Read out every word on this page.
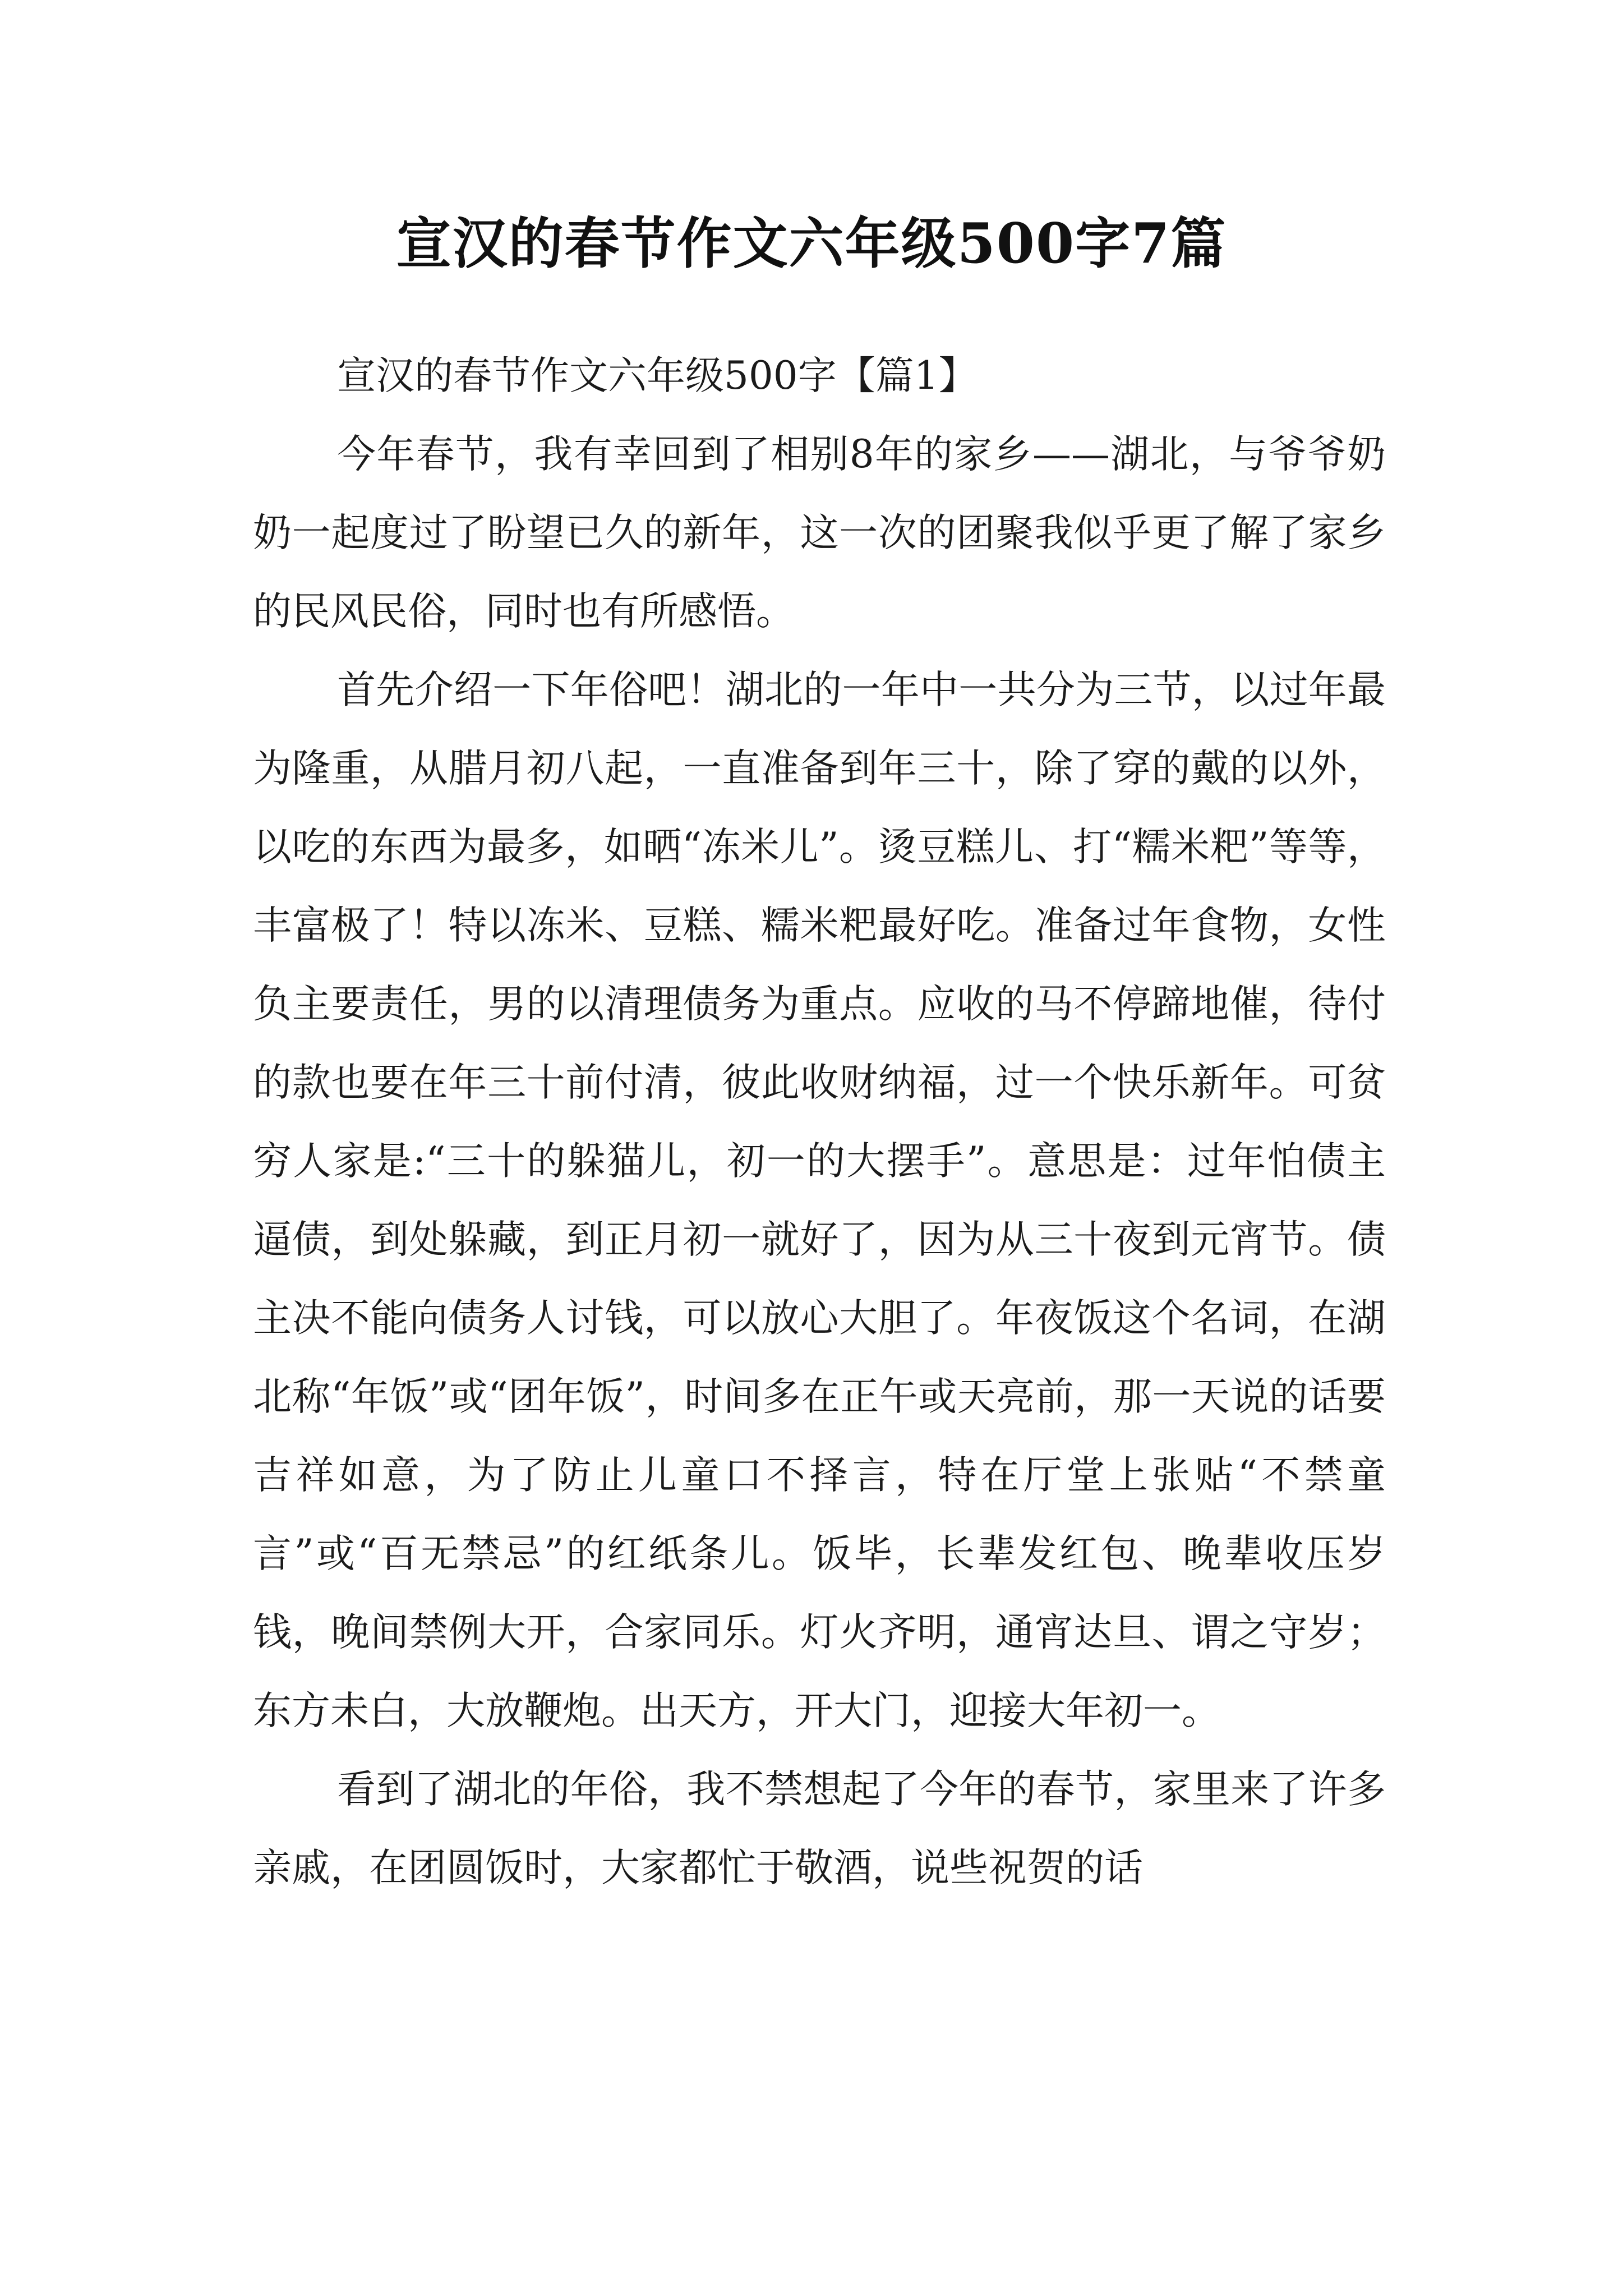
宣汉的春节作文六年级500字7篇

宣汉的春节作文六年级500字【篇1】

今年春节，我有幸回到了相别8年的家乡——湖北，与爷爷奶奶一起度过了盼望已久的新年，这一次的团聚我似乎更了解了家乡的民风民俗，同时也有所感悟。

首先介绍一下年俗吧！湖北的一年中一共分为三节，以过年最为隆重，从腊月初八起，一直准备到年三十，除了穿的戴的以外，以吃的东西为最多，如晒“冻米儿”。烫豆糕儿、打“糯米粑”等等，丰富极了！特以冻米、豆糕、糯米粑最好吃。准备过年食物，女性负主要责任，男的以清理债务为重点。应收的马不停蹄地催，待付的款也要在年三十前付清，彼此收财纳福，过一个快乐新年。可贫穷人家是:“三十的躲猫儿，初一的大摆手”。意思是：过年怕债主逼债，到处躲藏，到正月初一就好了，因为从三十夜到元宵节。债主决不能向债务人讨钱，可以放心大胆了。年夜饭这个名词，在湖北称“年饭”或“团年饭”，时间多在正午或天亮前，那一天说的话要吉祥如意，为了防止儿童口不择言，特在厅堂上张贴“不禁童言”或“百无禁忌”的红纸条儿。饭毕，长辈发红包、晚辈收压岁钱，晚间禁例大开，合家同乐。灯火齐明，通宵达旦、谓之守岁；东方未白，大放鞭炮。出天方，开大门，迎接大年初一。

看到了湖北的年俗，我不禁想起了今年的春节，家里来了许多亲戚，在团圆饭时，大家都忙于敬酒，说些祝贺的话
